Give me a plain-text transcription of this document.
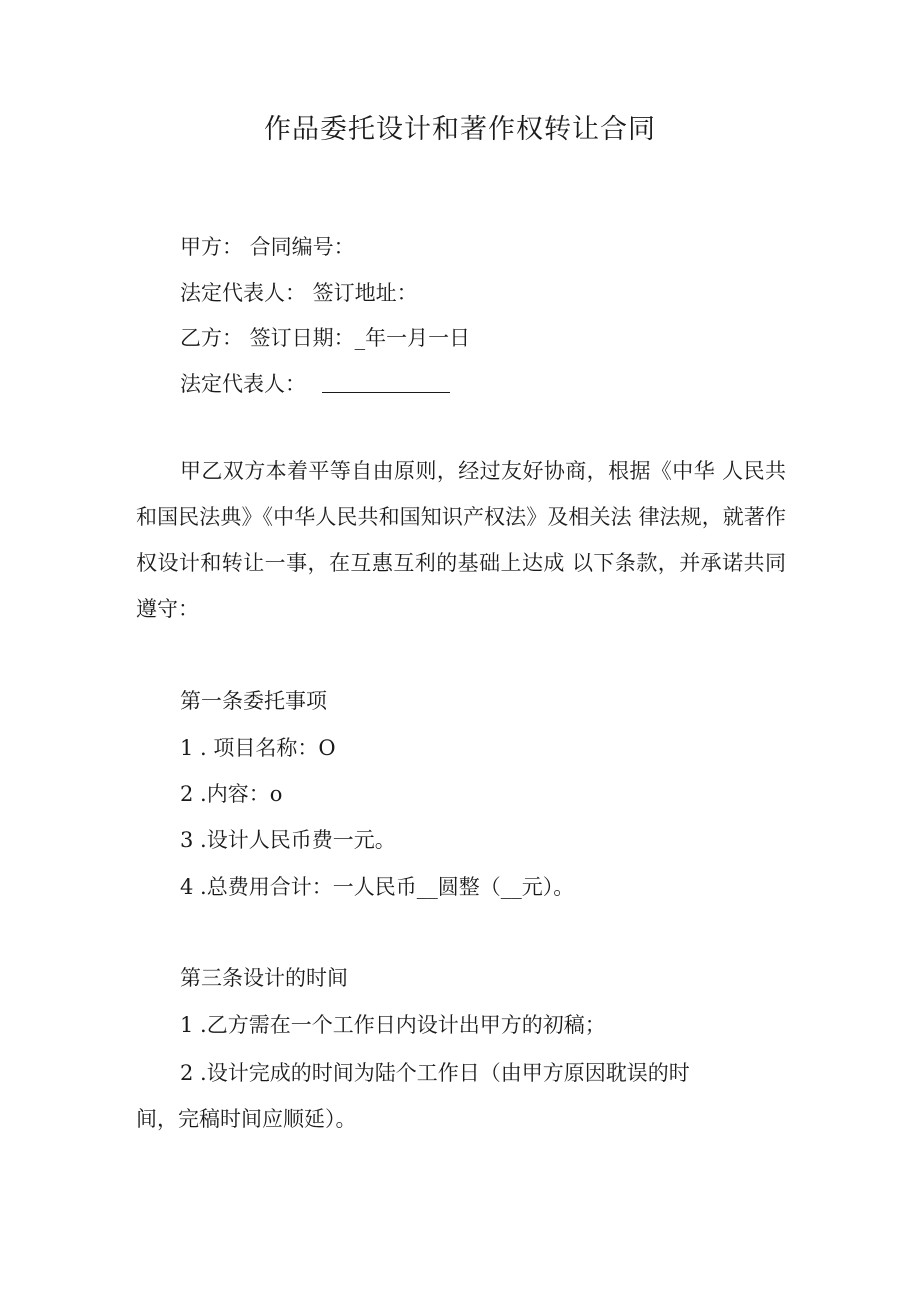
作品委托设计和著作权转让合同
甲方： 合同编号：
法定代表人： 签订地址：
乙方： 签订日期：_年一月一日
法定代表人：
甲乙双方本着平等自由原则，经过友好协商，根据《中华 人民共和国民法典》《中华人民共和国知识产权法》及相关法 律法规，就著作权设计和转让一事，在互惠互利的基础上达成 以下条款，并承诺共同遵守：
第一条委托事项
1 . 项目名称：O
2 .内容：o
3 .设计人民币费一元。
4 .总费用合计：一人民币__圆整（__元）。
第三条设计的时间
1 .乙方需在一个工作日内设计出甲方的初稿；
2 .设计完成的时间为陆个工作日（由甲方原因耽误的时
间，完稿时间应顺延）。
